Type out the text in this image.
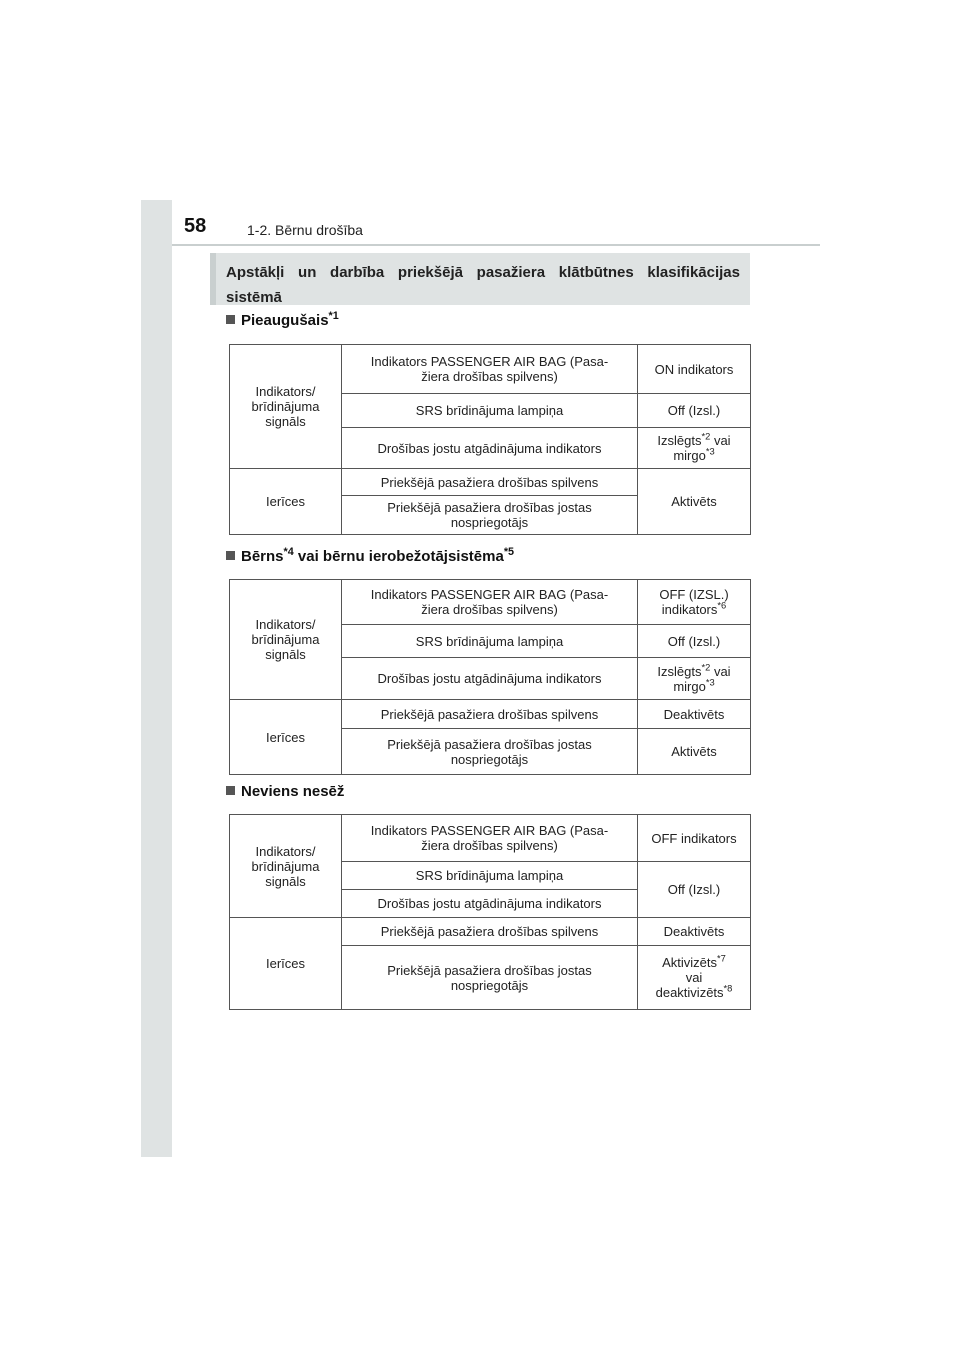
58	1-2. Bērnu drošība
Apstākļi un darbība priekšējā pasažiera klātbūtnes klasifikācijas sistēmā
Pieaugušais$^{*1}$
Indikators/
brīdinājuma
signāls	Indikators PASSENGER AIR BAG (Pasa-
žiera drošības spilvens)	ON indikators
	SRS brīdinājuma lampiņa	Off (Izsl.)
	Drošības jostu atgādinājuma indikators	Izslēgts$^{*2}$ vai
mirgo$^{*3}$
Ierīces	Priekšējā pasažiera drošības spilvens	Aktivēts
	Priekšējā pasažiera drošības jostas
nospriegotājs	
Bērns$^{*4}$ vai bērnu ierobežotājsistēma$^{*5}$
Indikators/
brīdinājuma
signāls	Indikators PASSENGER AIR BAG (Pasa-
žiera drošības spilvens)	OFF (IZSL.)
indikators$^{*6}$
	SRS brīdinājuma lampiņa	Off (Izsl.)
	Drošības jostu atgādinājuma indikators	Izslēgts$^{*2}$ vai
mirgo$^{*3}$
Ierīces	Priekšējā pasažiera drošības spilvens	Deaktivēts
	Priekšējā pasažiera drošības jostas
nospriegotājs	Aktivēts
Neviens nesēž
Indikators/
brīdinājuma
signāls	Indikators PASSENGER AIR BAG (Pasa-
žiera drošības spilvens)	OFF indikators
	SRS brīdinājuma lampiņa	Off (Izsl.)
	Drošības jostu atgādinājuma indikators	
Ierīces	Priekšējā pasažiera drošības spilvens	Deaktivēts
	Priekšējā pasažiera drošības jostas
nospriegotājs	Aktivizēts$^{*7}$
vai
deaktivizēts$^{*8}$
